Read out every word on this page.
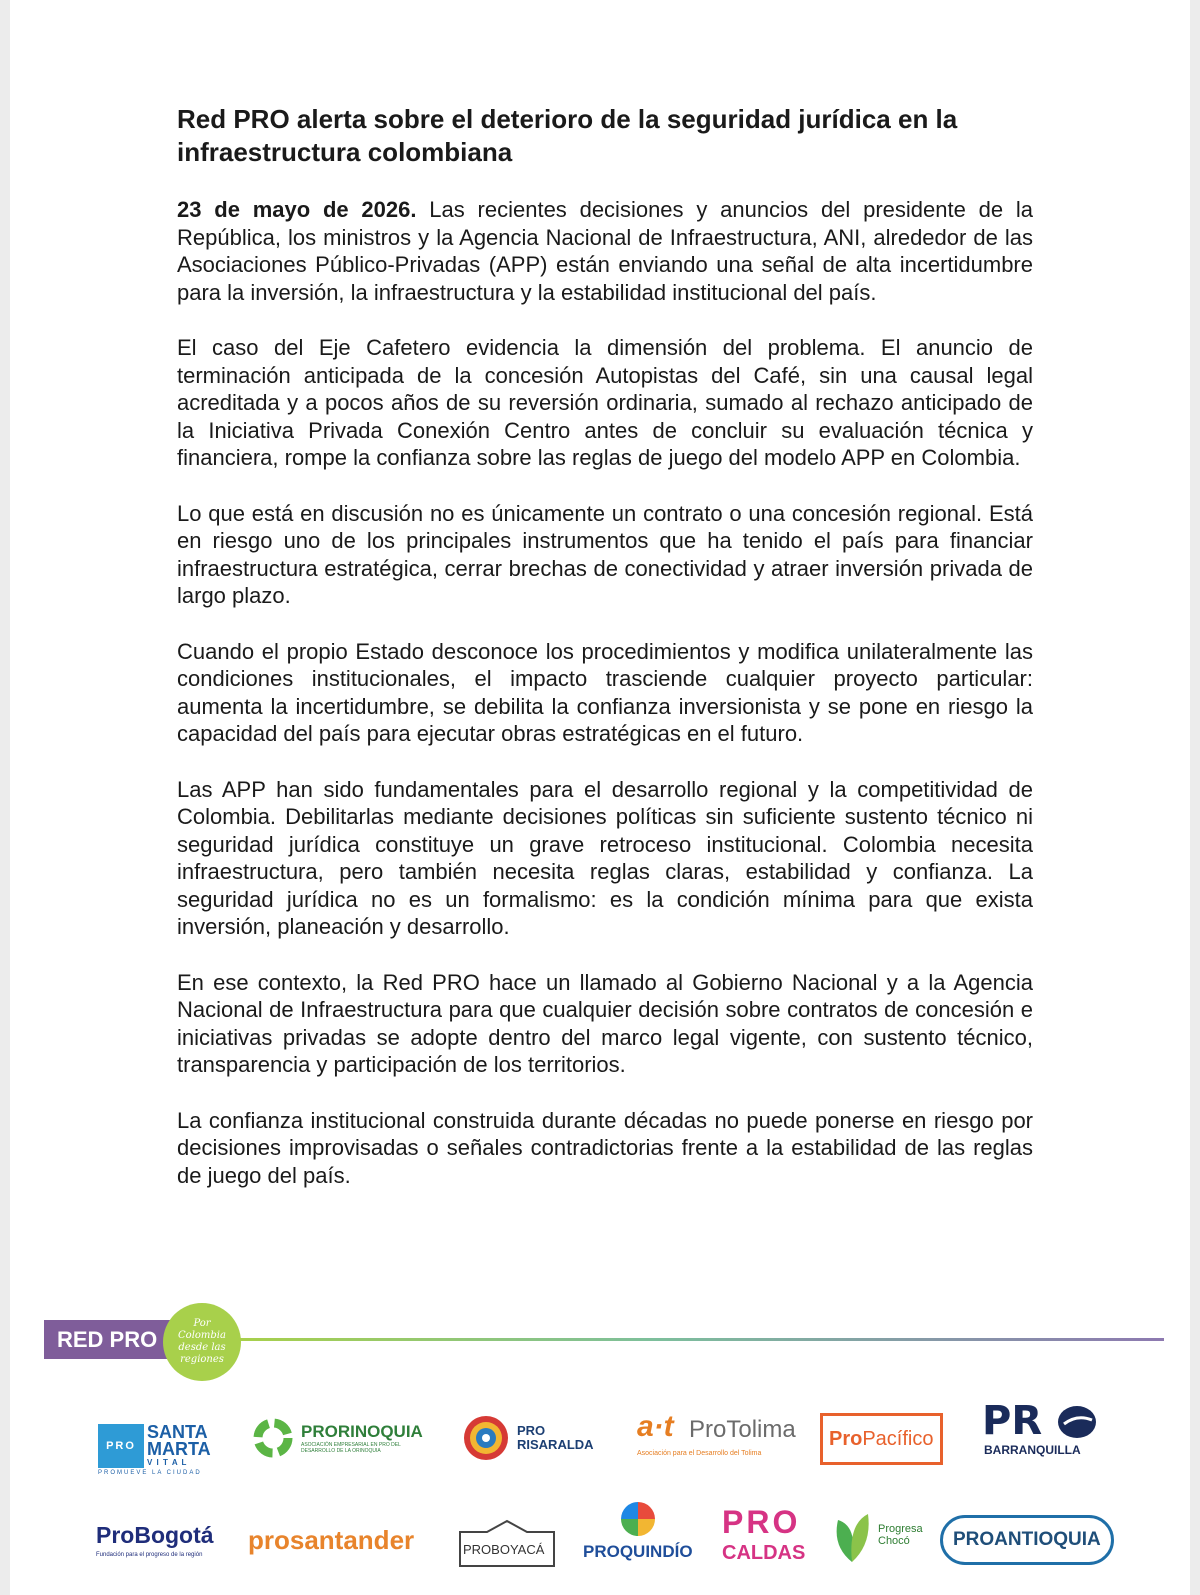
Red PRO alerta sobre el deterioro de la seguridad jurídica en la infraestructura colombiana

23 de mayo de 2026. Las recientes decisiones y anuncios del presidente de la República, los ministros y la Agencia Nacional de Infraestructura, ANI, alrededor de las Asociaciones Público-Privadas (APP) están enviando una señal de alta incertidumbre para la inversión, la infraestructura y la estabilidad institucional del país.

El caso del Eje Cafetero evidencia la dimensión del problema. El anuncio de terminación anticipada de la concesión Autopistas del Café, sin una causal legal acreditada y a pocos años de su reversión ordinaria, sumado al rechazo anticipado de la Iniciativa Privada Conexión Centro antes de concluir su evaluación técnica y financiera, rompe la confianza sobre las reglas de juego del modelo APP en Colombia.

Lo que está en discusión no es únicamente un contrato o una concesión regional. Está en riesgo uno de los principales instrumentos que ha tenido el país para financiar infraestructura estratégica, cerrar brechas de conectividad y atraer inversión privada de largo plazo.

Cuando el propio Estado desconoce los procedimientos y modifica unilateralmente las condiciones institucionales, el impacto trasciende cualquier proyecto particular: aumenta la incertidumbre, se debilita la confianza inversionista y se pone en riesgo la capacidad del país para ejecutar obras estratégicas en el futuro.

Las APP han sido fundamentales para el desarrollo regional y la competitividad de Colombia. Debilitarlas mediante decisiones políticas sin suficiente sustento técnico ni seguridad jurídica constituye un grave retroceso institucional. Colombia necesita infraestructura, pero también necesita reglas claras, estabilidad y confianza. La seguridad jurídica no es un formalismo: es la condición mínima para que exista inversión, planeación y desarrollo.

En ese contexto, la Red PRO hace un llamado al Gobierno Nacional y a la Agencia Nacional de Infraestructura para que cualquier decisión sobre contratos de concesión e iniciativas privadas se adopte dentro del marco legal vigente, con sustento técnico, transparencia y participación de los territorios.

La confianza institucional construida durante décadas no puede ponerse en riesgo por decisiones improvisadas o señales contradictorias frente a la estabilidad de las reglas de juego del país.

RED PRO
Por Colombia desde las regiones
PRO
SANTA
MARTA
V I T A L
PROMUEVE LA CIUDAD
PRORINOQUIA
ASOCIACIÓN EMPRESARIAL EN PRO DEL DESARROLLO DE LA ORINOQUIA
PRO
RISARALDA
a·t ProTolima
Asociación para el Desarrollo del Tolima
Pro Pacífico PR
BARRANQUILLA
ProBogotá
Fundación para el progreso de la región
prosantander	PROBOYACÁ PROQUINDÍO
PRO
CALDAS
Progresa
Chocó	PROANTIOQUIA
